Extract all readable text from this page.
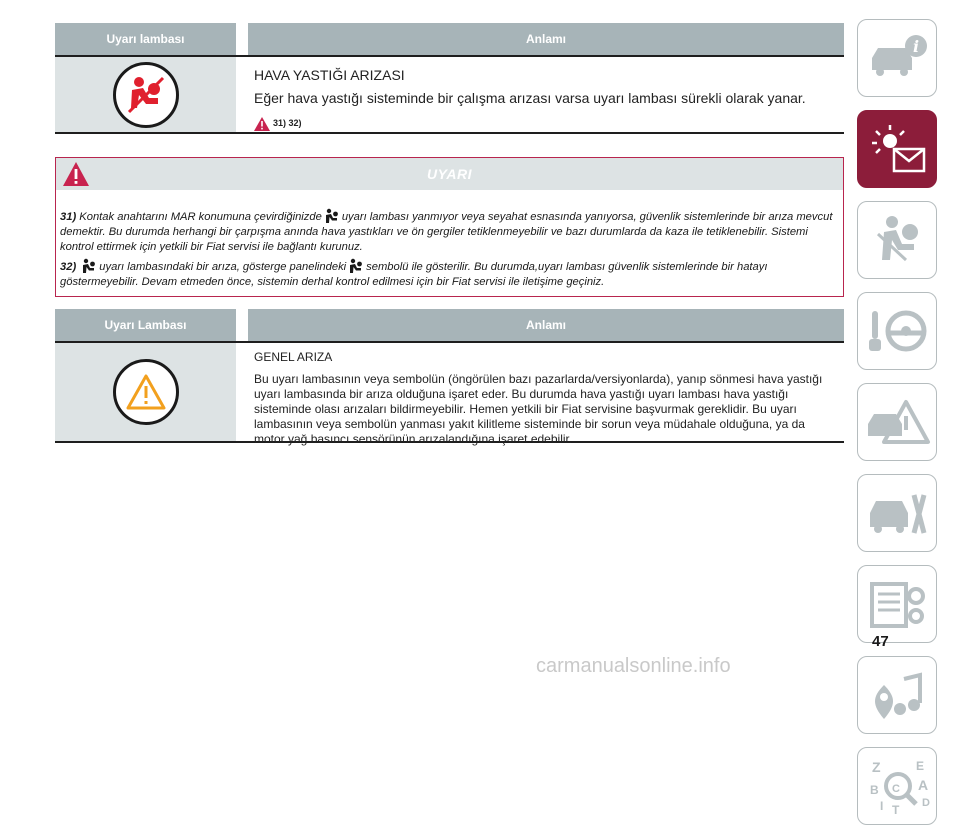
Uyarı lambası	Anlamı
HAVA YASTIĞI ARIZASI
Eğer hava yastığı sisteminde bir çalışma arızası varsa uyarı lambası sürekli olarak yanar.
31) 32)
UYARI

31) Kontak anahtarını MAR konumuna çevirdiğinizde uyarı lambası yanmıyor veya seyahat esnasında yanıyorsa, güvenlik sistemlerinde bir arıza mevcut demektir. Bu durumda herhangi bir çarpışma anında hava yastıkları ve ön gergiler tetiklenmeyebilir ve bazı durumlarda da kaza ile tetiklenebilir. Sistemi kontrol ettirmek için yetkili bir Fiat servisi ile bağlantı kurunuz.

32) uyarı lambasındaki bir arıza, gösterge panelindeki sembolü ile gösterilir. Bu durumda,uyarı lambası güvenlik sistemlerinde bir hatayı göstermeyebilir. Devam etmeden önce, sistemin derhal kontrol edilmesi için bir Fiat servisi ile iletişime geçiniz.

Uyarı Lambası	Anlamı
GENEL ARIZA
Bu uyarı lambasının veya sembolün (öngörülen bazı pazarlarda/versiyonlarda), yanıp sönmesi hava yastığı uyarı lambasında bir arıza olduğuna işaret eder. Bu durumda hava yastığı uyarı lambası hava yastığı sisteminde olası arızaları bildirmeyebilir. Hemen yetkili bir Fiat servisine başvurmak gereklidir. Bu uyarı lambasının veya sembolün yanması yakıt kilitleme sisteminde bir sorun veya müdahale olduğuna, ya da motor yağ basıncı sensörünün arızalandığına işaret edebilir.
i
Z	E
B	A
C
D
I T
47
carmanualsonline.info
